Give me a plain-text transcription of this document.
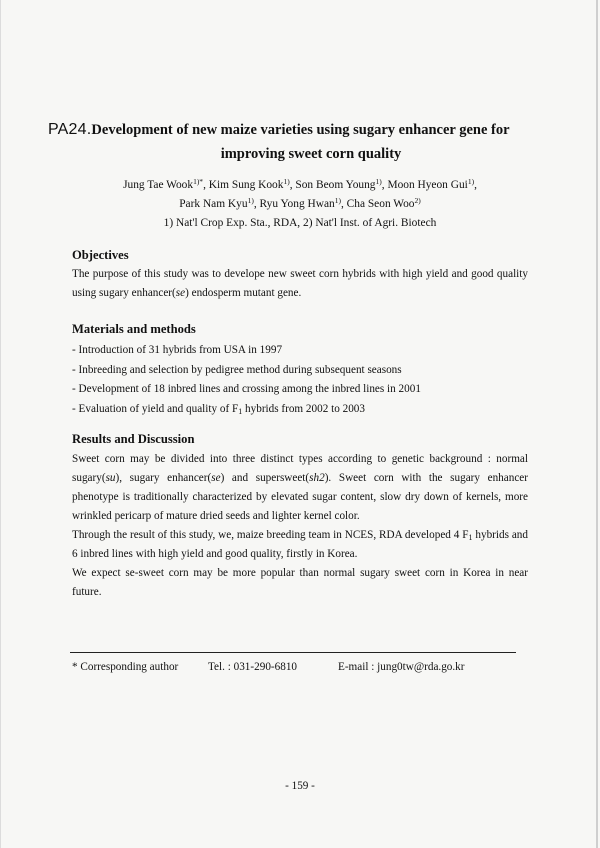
PA24.Development of new maize varieties using sugary enhancer gene for
improving sweet corn quality
Jung Tae Wook$^{1)*}$, Kim Sung Kook$^{1)}$, Son Beom Young$^{1)}$, Moon Hyeon Gui$^{1)}$,
Park Nam Kyu$^{1)}$, Ryu Yong Hwan$^{1)}$, Cha Seon Woo$^{2)}$
1) Nat'l Crop Exp. Sta., RDA, 2) Nat'l Inst. of Agri. Biotech
Objectives
The purpose of this study was to develope new sweet corn hybrids with high yield and good quality using sugary enhancer(se) endosperm mutant gene.
Materials and methods
- Introduction of 31 hybrids from USA in 1997
- Inbreeding and selection by pedigree method during subsequent seasons
- Development of 18 inbred lines and crossing among the inbred lines in 2001
- Evaluation of yield and quality of $F_1$ hybrids from 2002 to 2003
Results and Discussion
Sweet corn may be divided into three distinct types according to genetic background : normal sugary(su), sugary enhancer(se) and supersweet(sh2). Sweet corn with the sugary enhancer phenotype is traditionally characterized by elevated sugar content, slow dry down of kernels, more wrinkled pericarp of mature dried seeds and lighter kernel color.
Through the result of this study, we, maize breeding team in NCES, RDA developed 4 $F_1$ hybrids and 6 inbred lines with high yield and good quality, firstly in Korea.
We expect se-sweet corn may be more popular than normal sugary sweet corn in Korea in near future.
* Corresponding author	Tel. : 031-290-6810	E-mail : jung0tw@rda.go.kr
- 159 -
